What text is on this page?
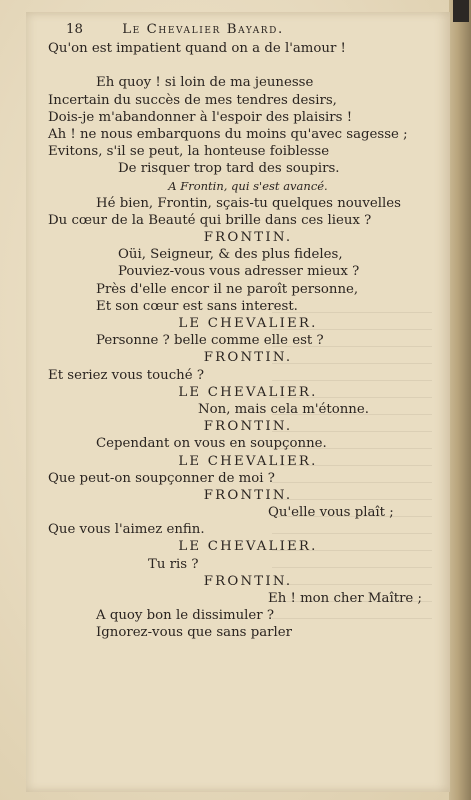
18	Le Chevalier Bayard.
Qu'on est impatient quand on a de l'amour !
Eh quoy ! si loin de ma jeunesse
Incertain du succès de mes tendres desirs,
Dois-je m'abandonner à l'espoir des plaisirs !
Ah ! ne nous embarquons du moins qu'avec sagesse ;
Evitons, s'il se peut, la honteuse foiblesse
De risquer trop tard des soupirs.
A Frontin, qui s'est avancé.
Hé bien, Frontin, sçais-tu quelques nouvelles
Du cœur de la Beauté qui brille dans ces lieux ?
FRONTIN.
Oüi, Seigneur, & des plus fideles,
Pouviez-vous vous adresser mieux ?
Près d'elle encor il ne paroît personne,
Et son cœur est sans interest.
LE CHEVALIER.
Personne ? belle comme elle est ?
FRONTIN.
Et seriez vous touché ?
LE CHEVALIER.
Non, mais cela m'étonne.
FRONTIN.
Cependant on vous en soupçonne.
LE CHEVALIER.
Que peut-on soupçonner de moi ?
FRONTIN.
Qu'elle vous plaît ;
Que vous l'aimez enfin.
LE CHEVALIER.
Tu ris ?
FRONTIN.
Eh ! mon cher Maître ;
A quoy bon le dissimuler ?
Ignorez-vous que sans parler
